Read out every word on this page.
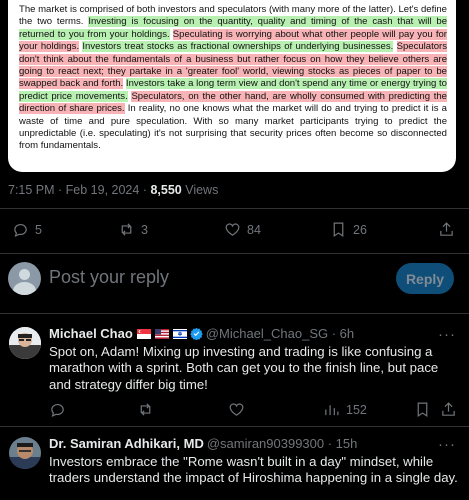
The market is comprised of both investors and speculators (with many more of the latter). Let's define the two terms. Investing is focusing on the quantity, quality and timing of the cash that will be returned to you from your holdings. Speculating is worrying about what other people will pay you for your holdings. Investors treat stocks as fractional ownerships of underlying businesses. Speculators don't think about the fundamentals of a business but rather focus on how they believe others are going to react next; they partake in a 'greater fool' world, viewing stocks as pieces of paper to be swapped back and forth. Investors take a long term view and don't spend any time or energy trying to predict price movements. Speculators, on the other hand, are wholly consumed with predicting the direction of share prices. In reality, no one knows what the market will do and trying to predict it is a waste of time and pure speculation. With so many market participants trying to predict the unpredictable (i.e. speculating) it's not surprising that security prices often become so disconnected from fundamentals.

7:15 PM · Feb 19, 2024 · 8,550 Views
5	3	84	26
Post your reply	Reply
Michael Chao	@Michael_Chao_SG · 6h	···
Spot on, Adam! Mixing up investing and trading is like confusing a marathon with a sprint. Both can get you to the finish line, but pace and strategy differ big time!
152
Dr. Samiran Adhikari, MD @samiran90399300 · 15h	···
Investors embrace the "Rome wasn't built in a day" mindset, while traders understand the impact of Hiroshima happening in a single day.
